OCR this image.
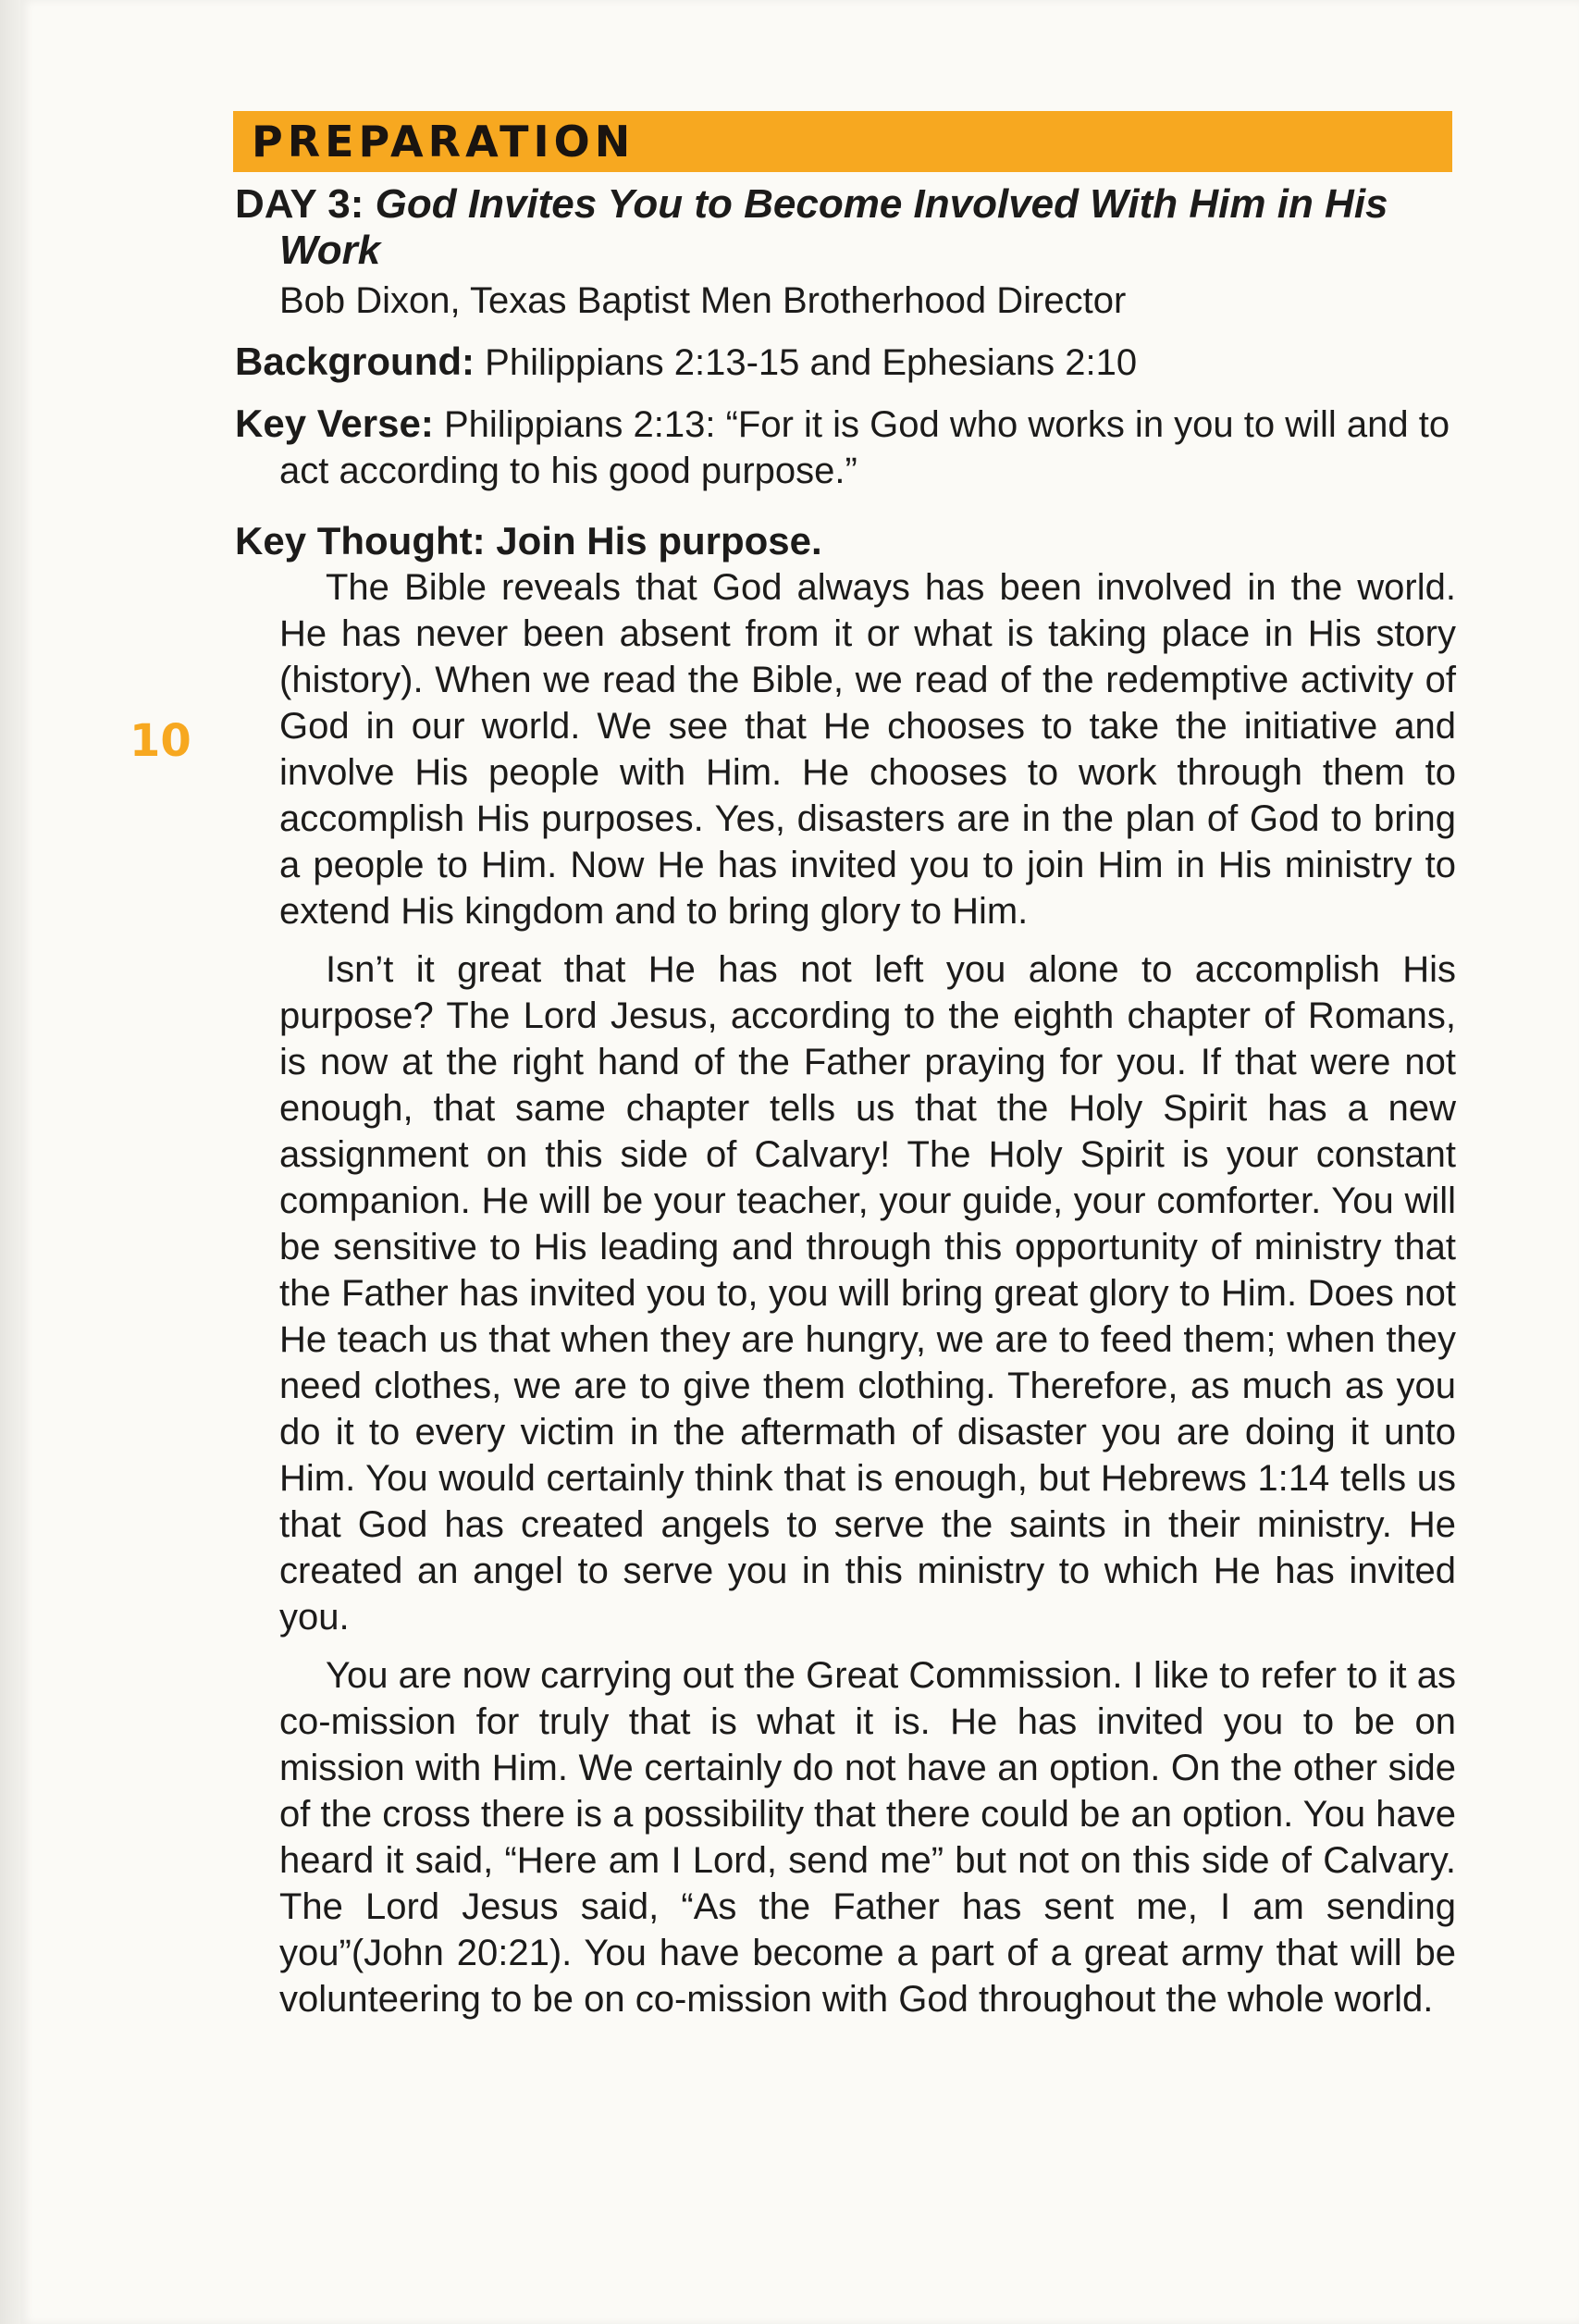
PREPARATION
10
DAY 3: God Invites You to Become Involved With Him in His Work
Bob Dixon, Texas Baptist Men Brotherhood Director
Background: Philippians 2:13-15 and Ephesians 2:10
Key Verse: Philippians 2:13: “For it is God who works in you to will and to act according to his good purpose.”
Key Thought: Join His purpose.

The Bible reveals that God always has been involved in the world. He has never been absent from it or what is taking place in His story (history). When we read the Bible, we read of the redemptive activity of God in our world. We see that He chooses to take the initiative and involve His people with Him. He chooses to work through them to accomplish His purposes. Yes, disasters are in the plan of God to bring a people to Him. Now He has invited you to join Him in His ministry to extend His kingdom and to bring glory to Him.

Isn’t it great that He has not left you alone to accomplish His purpose? The Lord Jesus, according to the eighth chapter of Romans, is now at the right hand of the Father praying for you. If that were not enough, that same chapter tells us that the Holy Spirit has a new assignment on this side of Calvary! The Holy Spirit is your constant companion. He will be your teacher, your guide, your comforter. You will be sensitive to His leading and through this opportunity of ministry that the Father has invited you to, you will bring great glory to Him. Does not He teach us that when they are hungry, we are to feed them; when they need clothes, we are to give them clothing. Therefore, as much as you do it to every victim in the aftermath of disaster you are doing it unto Him. You would certainly think that is enough, but Hebrews 1:14 tells us that God has created angels to serve the saints in their ministry. He created an angel to serve you in this ministry to which He has invited you.

You are now carrying out the Great Commission. I like to refer to it as co-mission for truly that is what it is. He has invited you to be on mission with Him. We certainly do not have an option. On the other side of the cross there is a possibility that there could be an option. You have heard it said, “Here am I Lord, send me” but not on this side of Calvary. The Lord Jesus said, “As the Father has sent me, I am sending you”(John 20:21). You have become a part of a great army that will be volunteering to be on co-mission with God throughout the whole world.
